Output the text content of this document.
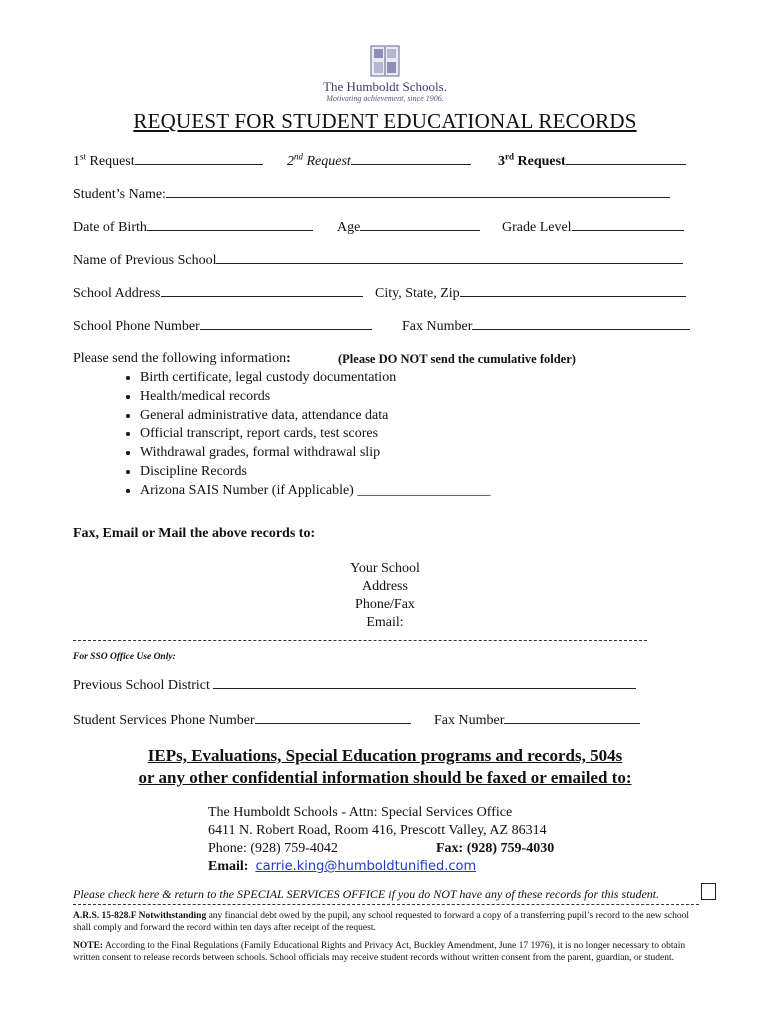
The Humboldt Schools.
Motivating achievement, since 1906.
REQUEST FOR STUDENT EDUCATIONAL RECORDS
1st Request	2nd Request	3rd Request
Student’s Name:
Date of Birth	Age	Grade Level
Name of Previous School
School Address	City, State, Zip
School Phone Number	Fax Number
Please send the following information:	(Please DO NOT send the cumulative folder)
• Birth certificate, legal custody documentation
• Health/medical records
• General administrative data, attendance data
• Official transcript, report cards, test scores
• Withdrawal grades, formal withdrawal slip
• Discipline Records
• Arizona SAIS Number (if Applicable) ___________________
Fax, Email or Mail the above records to:
Your School
Address
Phone/Fax
Email:
For SSO Office Use Only:
Previous School District
Student Services Phone Number	Fax Number
IEPs, Evaluations, Special Education programs and records, 504s
or any other confidential information should be faxed or emailed to:
The Humboldt Schools - Attn: Special Services Office
6411 N. Robert Road, Room 416, Prescott Valley, AZ 86314
Phone: (928) 759-4042	Fax: (928) 759-4030
Email: carrie.king@humboldtunified.com
Please check here & return to the SPECIAL SERVICES OFFICE if you do NOT have any of these records for this student.
A.R.S. 15-828.F Notwithstanding any financial debt owed by the pupil, any school requested to forward a copy of a transferring pupil’s record to the new school shall comply and forward the record within ten days after receipt of the request.
NOTE: According to the Final Regulations (Family Educational Rights and Privacy Act, Buckley Amendment, June 17 1976), it is no longer necessary to obtain written consent to release records between schools. School officials may receive student records without written consent from the parent, guardian, or student.
